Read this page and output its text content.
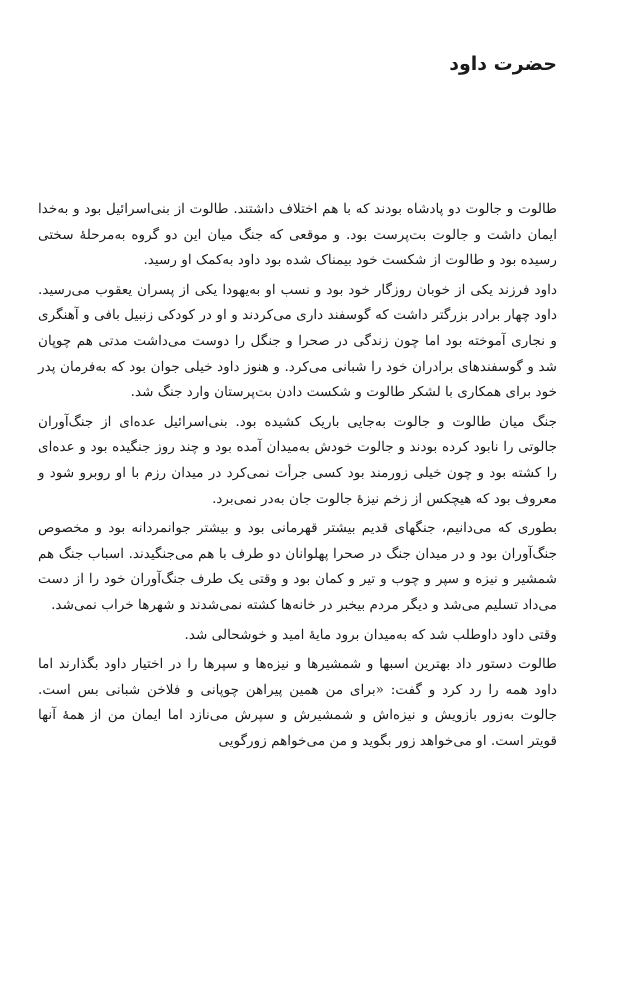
حضرت داود

طالوت و جالوت دو پادشاه بودند که با هم اختلاف داشتند. طالوت از بنی‌اسرائیل بود و به‌خدا ایمان داشت و جالوت بت‌پرست بود. و موقعی که جنگ میان این دو گروه به‌مرحلهٔ سختی رسیده بود و طالوت از شکست خود بیمناک شده بود داود به‌کمک او رسید.

داود فرزند یکی از خوبان روزگار خود بود و نسب او به‌یهودا یکی از پسران یعقوب می‌رسید. داود چهار برادر بزرگتر داشت که گوسفند داری می‌کردند و او در کودکی زنبیل بافی و آهنگری و نجاری آموخته بود اما چون زندگی در صحرا و جنگل را دوست می‌داشت مدتی هم چوپان شد و گوسفندهای برادران خود را شبانی می‌کرد. و هنوز داود خیلی جوان بود که به‌فرمان پدر خود برای همکاری با لشکر طالوت و شکست دادن بت‌پرستان وارد جنگ شد.

جنگ میان طالوت و جالوت به‌جایی باریک کشیده بود. بنی‌اسرائیل عده‌ای از جنگ‌آوران جالوتی را نابود کرده بودند و جالوت خودش به‌میدان آمده بود و چند روز جنگیده بود و عده‌ای را کشته بود و چون خیلی زورمند بود کسی جرأت نمی‌کرد در میدان رزم با او روبرو شود و معروف بود که هیچکس از زخم نیزهٔ جالوت جان به‌در نمی‌برد.

بطوری که می‌دانیم، جنگهای قدیم بیشتر قهرمانی بود و بیشتر جوانمردانه بود و مخصوص جنگ‌آوران بود و در میدان جنگ در صحرا پهلوانان دو طرف با هم می‌جنگیدند. اسباب جنگ هم شمشیر و نیزه و سپر و چوب و تیر و کمان بود و وقتی یک طرف جنگ‌آوران خود را از دست می‌داد تسلیم می‌شد و دیگر مردم بیخبر در خانه‌ها کشته نمی‌شدند و شهرها خراب نمی‌شد.

وقتی داود داوطلب شد که به‌میدان برود مایهٔ امید و خوشحالی شد.

طالوت دستور داد بهترین اسبها و شمشیرها و نیزه‌ها و سپرها را در اختیار داود بگذارند اما داود همه را رد کرد و گفت: «برای من همین پیراهن چوپانی و فلاخن شبانی بس است. جالوت به‌زور بازویش و نیزه‌اش و شمشیرش و سپرش می‌نازد اما ایمان من از همهٔ آنها قویتر است. او می‌خواهد زور بگوید و من می‌خواهم زورگویی
